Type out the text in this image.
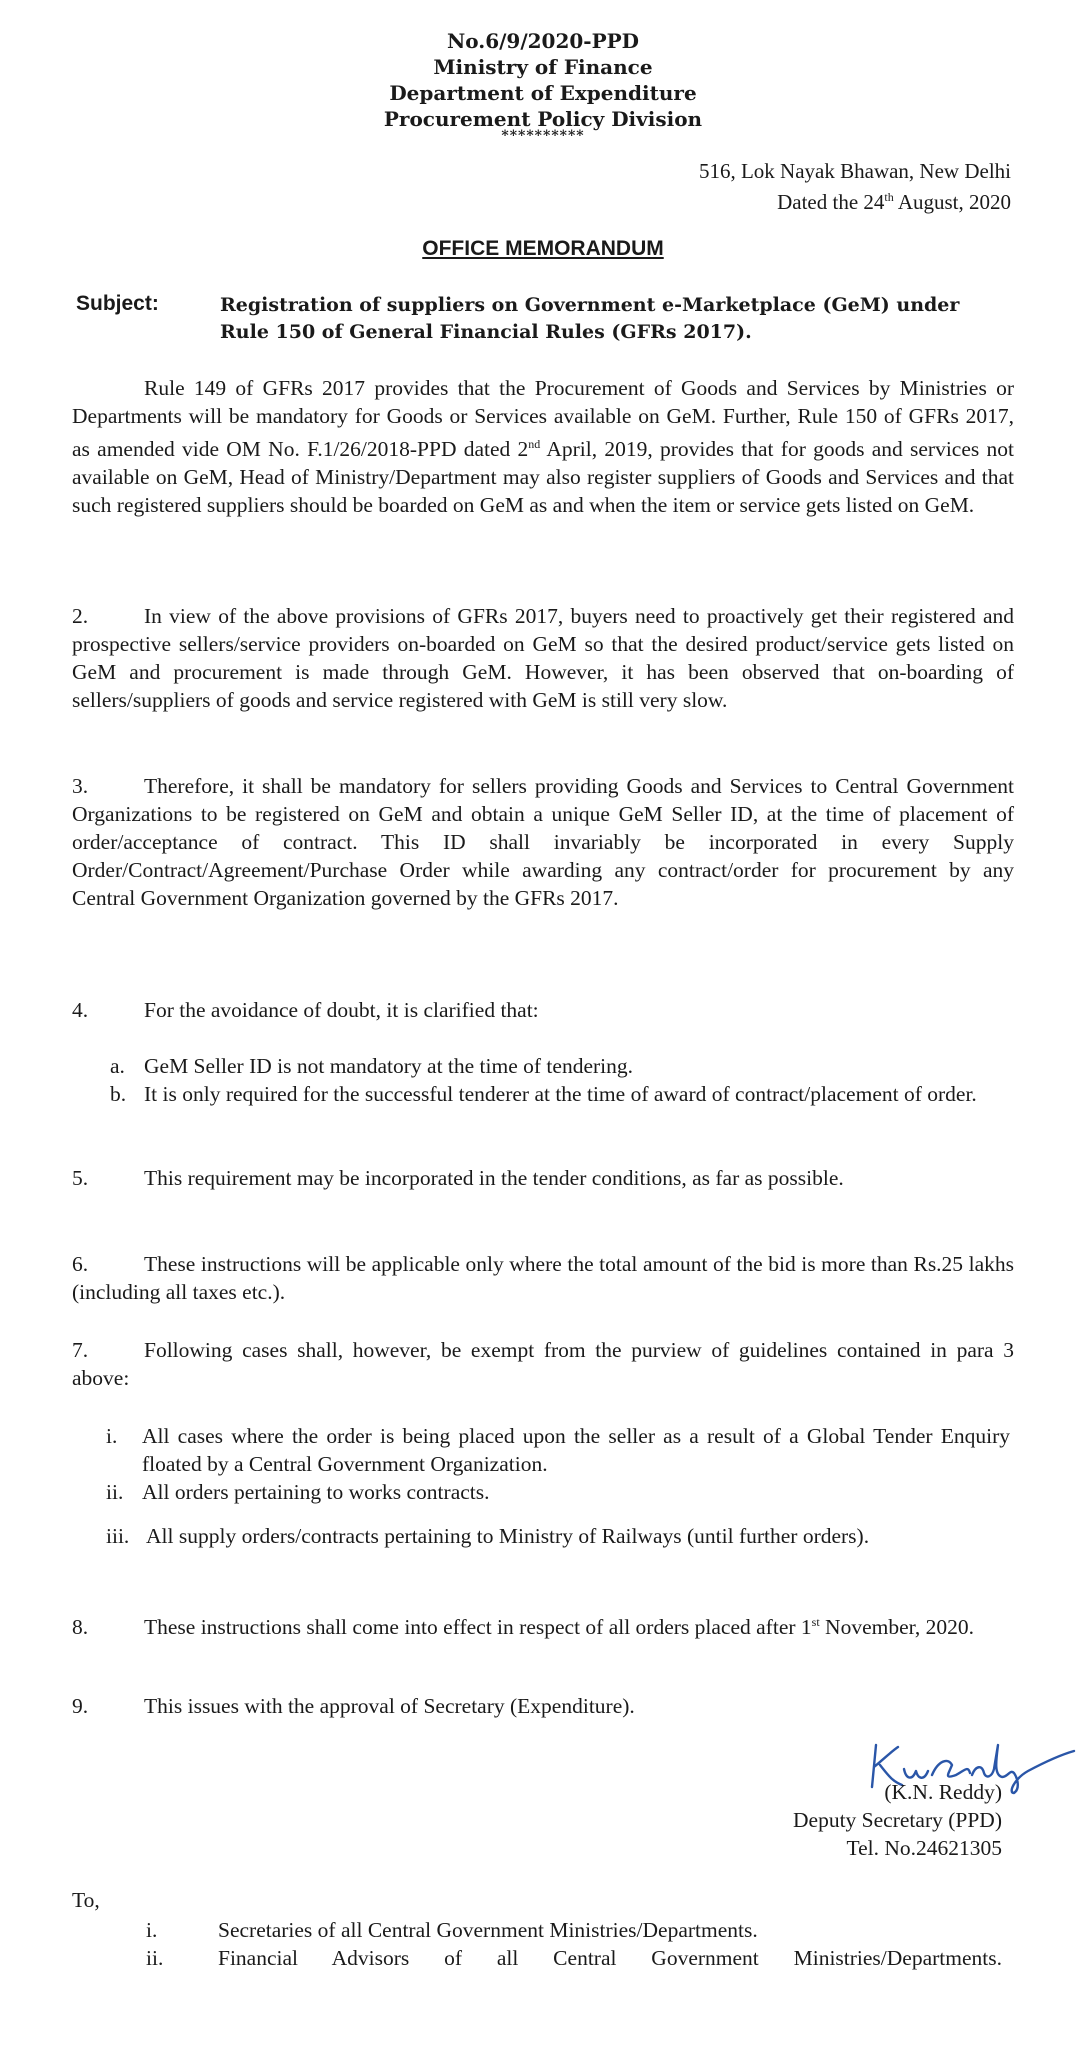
No.6/9/2020-PPD
Ministry of Finance
Department of Expenditure
Procurement Policy Division
**********
516, Lok Nayak Bhawan, New Delhi
Dated the 24th August, 2020
OFFICE MEMORANDUM
Subject:	Registration of suppliers on Government e-Marketplace (GeM) under Rule 150 of General Financial Rules (GFRs 2017).
Rule 149 of GFRs 2017 provides that the Procurement of Goods and Services by Ministries or Departments will be mandatory for Goods or Services available on GeM. Further, Rule 150 of GFRs 2017, as amended vide OM No. F.1/26/2018-PPD dated 2nd April, 2019, provides that for goods and services not available on GeM, Head of Ministry/Department may also register suppliers of Goods and Services and that such registered suppliers should be boarded on GeM as and when the item or service gets listed on GeM.
2.	In view of the above provisions of GFRs 2017, buyers need to proactively get their registered and prospective sellers/service providers on-boarded on GeM so that the desired product/service gets listed on GeM and procurement is made through GeM. However, it has been observed that on-boarding of sellers/suppliers of goods and service registered with GeM is still very slow.
3.	Therefore, it shall be mandatory for sellers providing Goods and Services to Central Government Organizations to be registered on GeM and obtain a unique GeM Seller ID, at the time of placement of order/acceptance of contract. This ID shall invariably be incorporated in every Supply Order/Contract/Agreement/Purchase Order while awarding any contract/order for procurement by any Central Government Organization governed by the GFRs 2017.
4.	For the avoidance of doubt, it is clarified that:
a. GeM Seller ID is not mandatory at the time of tendering.
b. It is only required for the successful tenderer at the time of award of contract/placement of order.
5.	This requirement may be incorporated in the tender conditions, as far as possible.
6.	These instructions will be applicable only where the total amount of the bid is more than Rs.25 lakhs (including all taxes etc.).
7.	Following cases shall, however, be exempt from the purview of guidelines contained in para 3 above:
i. All cases where the order is being placed upon the seller as a result of a Global Tender Enquiry floated by a Central Government Organization.
ii. All orders pertaining to works contracts.
iii. All supply orders/contracts pertaining to Ministry of Railways (until further orders).
8.	These instructions shall come into effect in respect of all orders placed after 1st November, 2020.
9.	This issues with the approval of Secretary (Expenditure).
(K.N. Reddy)
Deputy Secretary (PPD)
Tel. No.24621305
To,
i.	Secretaries of all Central Government Ministries/Departments.
ii.	Financial Advisors of all Central Government Ministries/Departments.
